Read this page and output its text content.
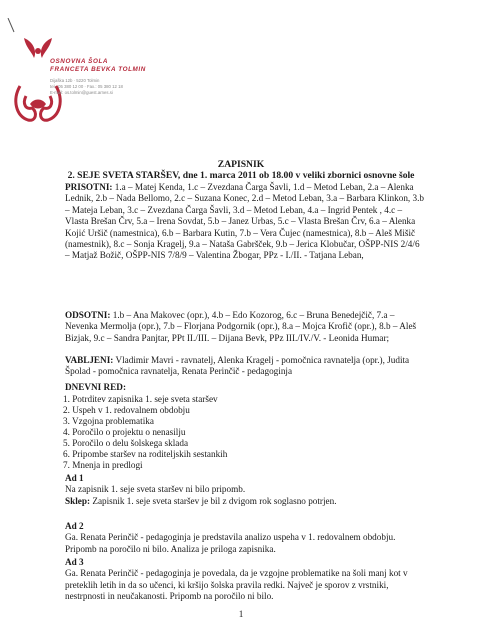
OSNOVNA ŠOLA
FRANCETA BEVKA TOLMIN
Dijaška 12b · 5220 Tolmin
tel.: 05 380 12 00 · Fax.: 05 380 12 18
E-mail: os.tolmin@guest.arnes.si
ZAPISNIK
2. SEJE SVETA STARŠEV, dne 1. marca 2011 ob 18.00 v veliki zbornici osnovne šole
PRISOTNI: 1.a – Matej Kenda, 1.c – Zvezdana Čarga Šavli, 1.d – Metod Leban, 2.a – Alenka Lednik, 2.b – Nada Bellomo, 2.c – Suzana Konec, 2.d – Metod Leban, 3.a – Barbara Klinkon, 3.b – Mateja Leban, 3.c – Zvezdana Čarga Šavli, 3.d – Metod Leban, 4.a – Ingrid Pentek , 4.c – Vlasta Brešan Črv, 5.a – Irena Sovdat, 5.b – Janez Urbas, 5.c – Vlasta Brešan Črv, 6.a – Alenka Kojić Uršič (namestnica), 6.b – Barbara Kutin, 7.b – Vera Čujec (namestnica), 8.b – Aleš Mišič (namestnik), 8.c – Sonja Kragelj, 9.a – Nataša Gabršček, 9.b – Jerica Klobučar, OŠPP-NIS 2/4/6 – Matjaž Božič, OŠPP-NIS 7/8/9 – Valentina Žbogar, PPz - I./II. - Tatjana Leban,
ODSOTNI: 1.b – Ana Makovec (opr.), 4.b – Edo Kozorog, 6.c – Bruna Benedejčič, 7.a – Nevenka Mermolja (opr.), 7.b – Florjana Podgornik (opr.), 8.a – Mojca Krofič (opr.), 8.b – Aleš Bizjak, 9.c – Sandra Panjtar, PPt II./III. – Dijana Bevk, PPz III./IV./V. - Leonida Humar;
VABLJENI: Vladimir Mavri - ravnatelj, Alenka Kragelj - pomočnica ravnatelja (opr.), Judita Špolad - pomočnica ravnatelja, Renata Perinčič - pedagoginja
DNEVNI RED:
1. Potrditev zapisnika 1. seje sveta staršev
2. Uspeh v 1. redovalnem obdobju
3. Vzgojna problematika
4. Poročilo o projektu o nenasilju
5. Poročilo o delu šolskega sklada
6. Pripombe staršev na roditeljskih sestankih
7. Mnenja in predlogi
Ad 1
Na zapisnik 1. seje sveta staršev ni bilo pripomb.
Sklep: Zapisnik 1. seje sveta staršev je bil z dvigom rok soglasno potrjen.
Ad 2
Ga. Renata Perinčič - pedagoginja je predstavila analizo uspeha v 1. redovalnem obdobju. Pripomb na poročilo ni bilo. Analiza je priloga zapisnika.
Ad 3
Ga. Renata Perinčič - pedagoginja je povedala, da je vzgojne problematike na šoli manj kot v preteklih letih in da so učenci, ki kršijo šolska pravila redki. Največ je sporov z vrstniki, nestrpnosti in neučakanosti. Pripomb na poročilo ni bilo.
1
